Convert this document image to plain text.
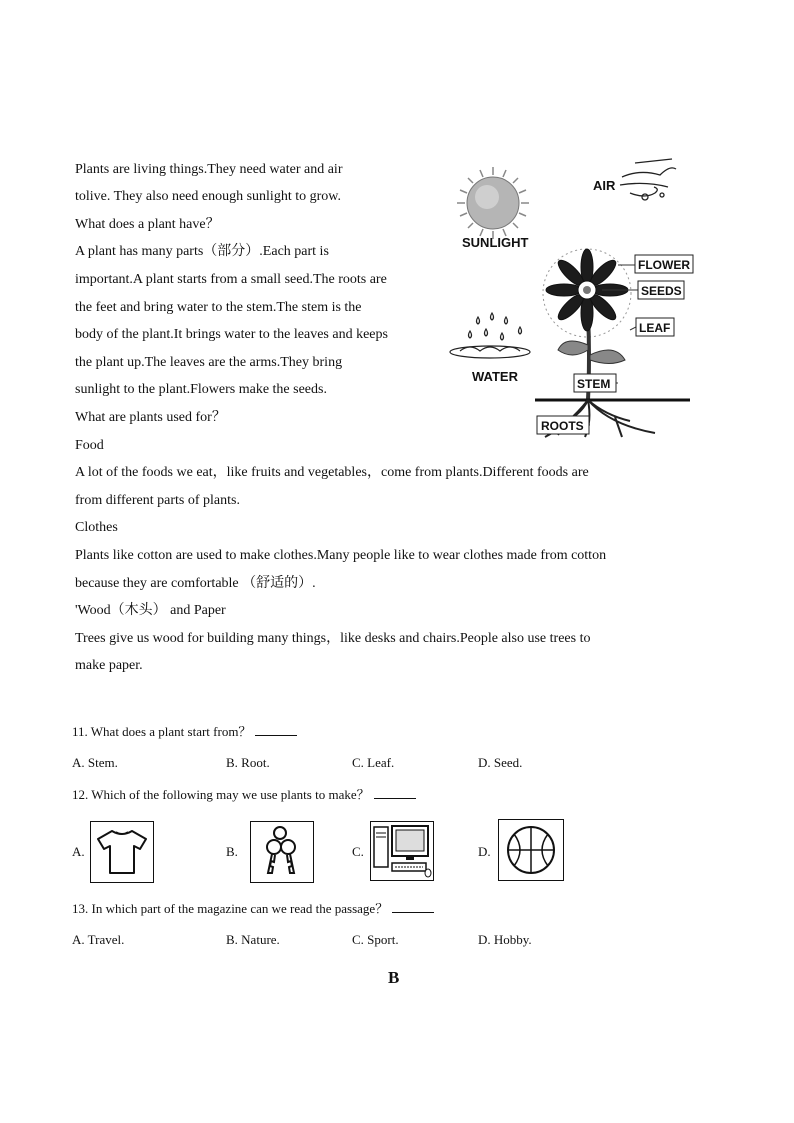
Plants are living things.They need water and air
tolive. They also need enough sunlight to grow.
What does a plant have？
A plant has many parts（部分）.Each part is
important.A plant starts from a small seed.The roots are
the feet and bring water to the stem.The stem is the
body of the plant.It brings water to the leaves and keeps
the plant up.The leaves are the arms.They bring
sunlight to the plant.Flowers make the seeds.
What are plants used for？
Food
A lot of the foods we eat，like fruits and vegetables，come from plants.Different foods are
from different parts of plants.
Clothes
Plants like cotton are used to make clothes.Many people like to wear clothes made from cotton
because they are comfortable （舒适的）.
'Wood（木头） and Paper
Trees give us wood for building many things，like desks and chairs.People also use trees to
make paper.
SUNLIGHT
AIR
WATER
FLOWER
SEEDS
LEAF
STEM
ROOTS
11. What does a plant start from？
A. Stem.	B. Root.	C. Leaf.	D. Seed.
12. Which of the following may we use plants to make？
A.	B.	C.	D.
13. In which part of the magazine can we read the passage？
A. Travel.	B. Nature.	C. Sport.	D. Hobby.
B
